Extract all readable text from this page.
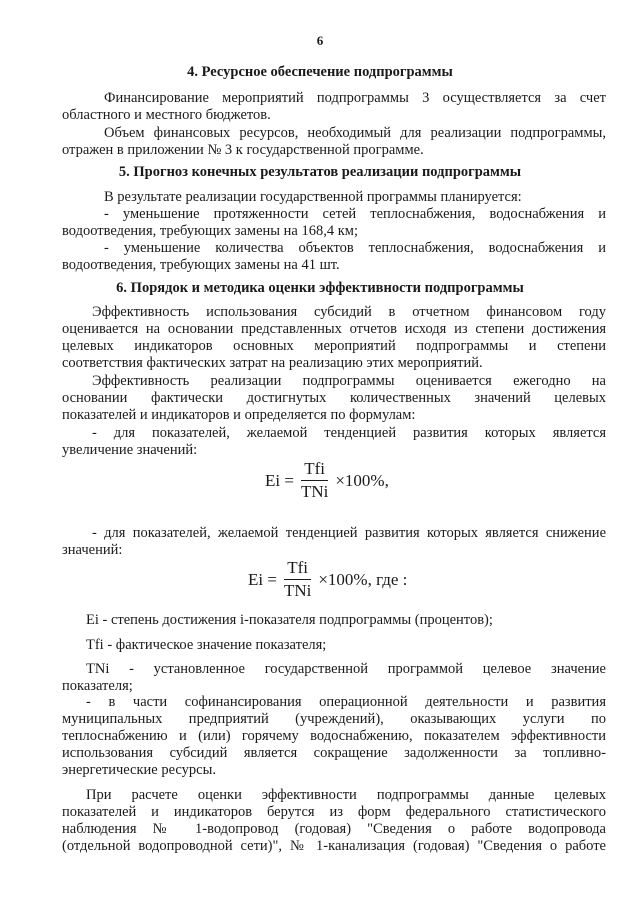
6
4. Ресурсное обеспечение подпрограммы
Финансирование мероприятий подпрограммы 3 осуществляется за счет
областного и местного бюджетов.
Объем финансовых ресурсов, необходимый для реализации подпрограммы,
отражен в приложении № 3 к государственной программе.
5. Прогноз конечных результатов реализации подпрограммы
В результате реализации государственной программы планируется:
- уменьшение протяженности сетей теплоснабжения, водоснабжения и
водоотведения, требующих замены на 168,4 км;
- уменьшение количества объектов теплоснабжения, водоснабжения и
водоотведения, требующих замены на 41 шт.
6. Порядок и методика оценки эффективности подпрограммы
Эффективность использования субсидий в отчетном финансовом году
оценивается на основании представленных отчетов исходя из степени достижения
целевых индикаторов основных мероприятий подпрограммы и степени
соответствия фактических затрат на реализацию этих мероприятий.
Эффективность реализации подпрограммы оценивается ежегодно на
основании фактически достигнутых количественных значений целевых
показателей и индикаторов и определяется по формулам:
- для показателей, желаемой тенденцией развития которых является
увеличение значений:
$Ei = \frac{\text{Tfi}}{\text{TNi}} \times 100\%$,
- для показателей, желаемой тенденцией развития которых является снижение
значений:
$Ei = \frac{\text{Tfi}}{\text{TNi}} \times 100\%$, где :
Ei - степень достижения i-показателя подпрограммы (процентов);
Tfi - фактическое значение показателя;
TNi - установленное государственной программой целевое значение
показателя;
- в части софинансирования операционной деятельности и развития
муниципальных предприятий (учреждений), оказывающих услуги по
теплоснабжению и (или) горячему водоснабжению, показателем эффективности
использования субсидий является сокращение задолженности за топливно-
энергетические ресурсы.
При расчете оценки эффективности подпрограммы данные целевых
показателей и индикаторов берутся из форм федерального статистического
наблюдения № 1-водопровод (годовая) "Сведения о работе водопровода
(отдельной водопроводной сети)", № 1-канализация (годовая) "Сведения о работе
